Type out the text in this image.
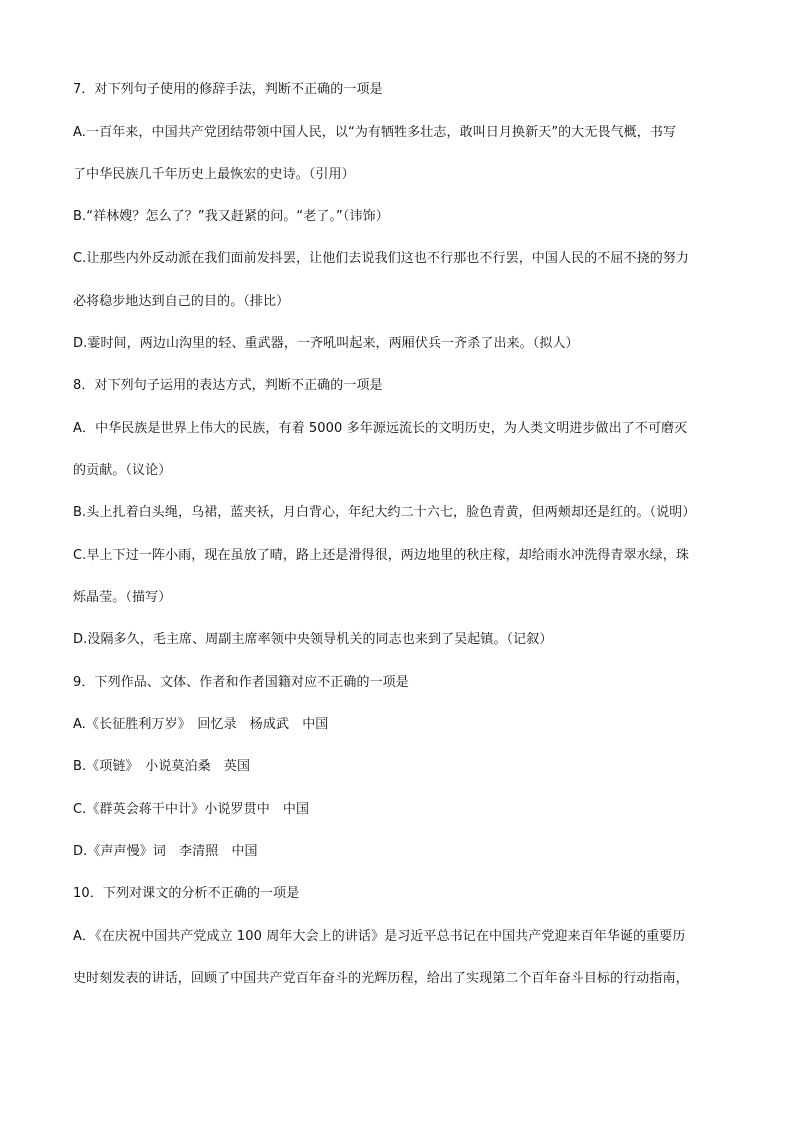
7．对下列句子使用的修辞手法，判断不正确的一项是
A.一百年来，中国共产党团结带领中国人民，以“为有牺牲多壮志，敢叫日月换新天”的大无畏气概，书写
了中华民族几千年历史上最恢宏的史诗。（引用）
B.“祥林嫂？怎么了？”我又赶紧的问。“老了。”（讳饰）
C.让那些内外反动派在我们面前发抖罢，让他们去说我们这也不行那也不行罢，中国人民的不屈不挠的努力
必将稳步地达到自己的目的。（排比）
D.霎时间，两边山沟里的轻、重武器，一齐吼叫起来，两厢伏兵一齐杀了出来。（拟人）
8．对下列句子运用的表达方式，判断不正确的一项是
A．中华民族是世界上伟大的民族，有着 5000 多年源远流长的文明历史，为人类文明进步做出了不可磨灭
的贡献。（议论）
B.头上扎着白头绳，乌裙，蓝夹袄，月白背心，年纪大约二十六七，脸色青黄，但两颊却还是红的。（说明）
C.早上下过一阵小雨，现在虽放了晴，路上还是滑得很，两边地里的秋庄稼，却给雨水冲洗得青翠水绿，珠
烁晶莹。（描写）
D.没隔多久，毛主席、周副主席率领中央领导机关的同志也来到了吴起镇。（记叙）
9．下列作品、文体、作者和作者国籍对应不正确的一项是
A.《长征胜利万岁》　回忆录　杨成武　中国
B.《项链》　小说莫泊桑　英国
C.《群英会蒋干中计》小说罗贯中　中国
D.《声声慢》词　李清照　中国
10．下列对课文的分析不正确的一项是
A．《在庆祝中国共产党成立 100 周年大会上的讲话》是习近平总书记在中国共产党迎来百年华诞的重要历
史时刻发表的讲话，回顾了中国共产党百年奋斗的光辉历程，给出了实现第二个百年奋斗目标的行动指南，
